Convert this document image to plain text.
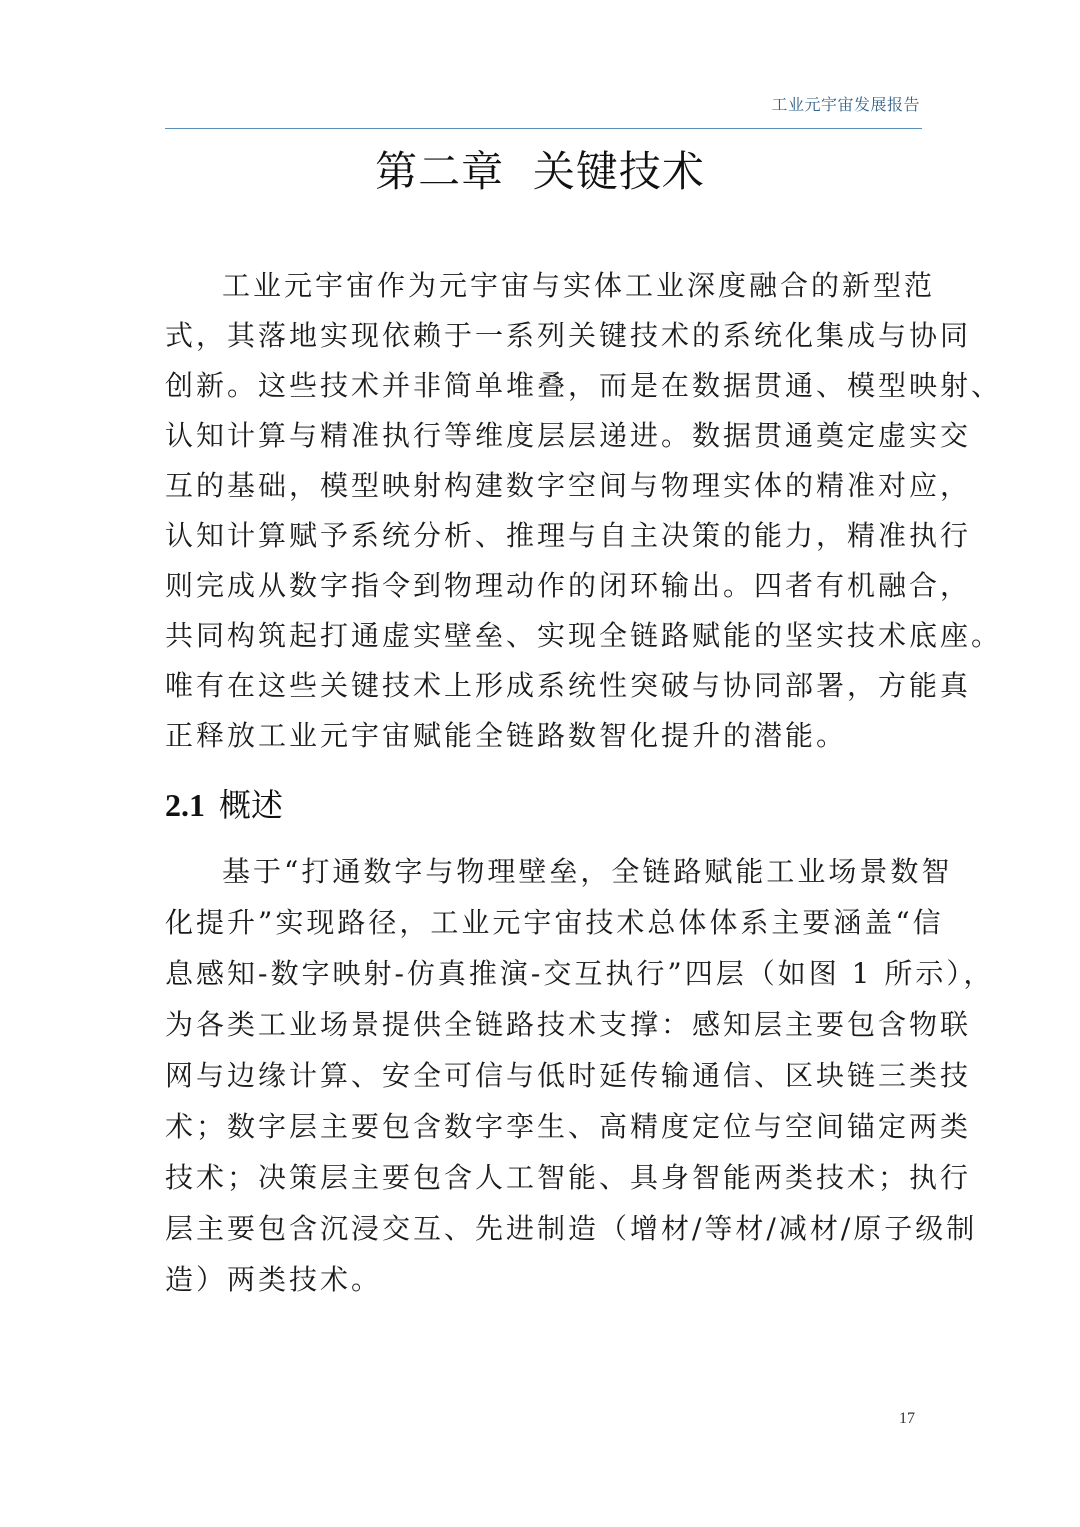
工业元宇宙发展报告
第二章  关键技术
工业元宇宙作为元宇宙与实体工业深度融合的新型范
式，其落地实现依赖于一系列关键技术的系统化集成与协同
创新。这些技术并非简单堆叠，而是在数据贯通、模型映射、
认知计算与精准执行等维度层层递进。数据贯通奠定虚实交
互的基础，模型映射构建数字空间与物理实体的精准对应，
认知计算赋予系统分析、推理与自主决策的能力，精准执行
则完成从数字指令到物理动作的闭环输出。四者有机融合，
共同构筑起打通虚实壁垒、实现全链路赋能的坚实技术底座。
唯有在这些关键技术上形成系统性突破与协同部署，方能真
正释放工业元宇宙赋能全链路数智化提升的潜能。
2.1 概述
基于“打通数字与物理壁垒，全链路赋能工业场景数智
化提升”实现路径，工业元宇宙技术总体体系主要涵盖“信
息感知-数字映射-仿真推演-交互执行”四层（如图 1 所示），
为各类工业场景提供全链路技术支撑：感知层主要包含物联
网与边缘计算、安全可信与低时延传输通信、区块链三类技
术；数字层主要包含数字孪生、高精度定位与空间锚定两类
技术；决策层主要包含人工智能、具身智能两类技术；执行
层主要包含沉浸交互、先进制造（增材/等材/减材/原子级制
造）两类技术。
17
